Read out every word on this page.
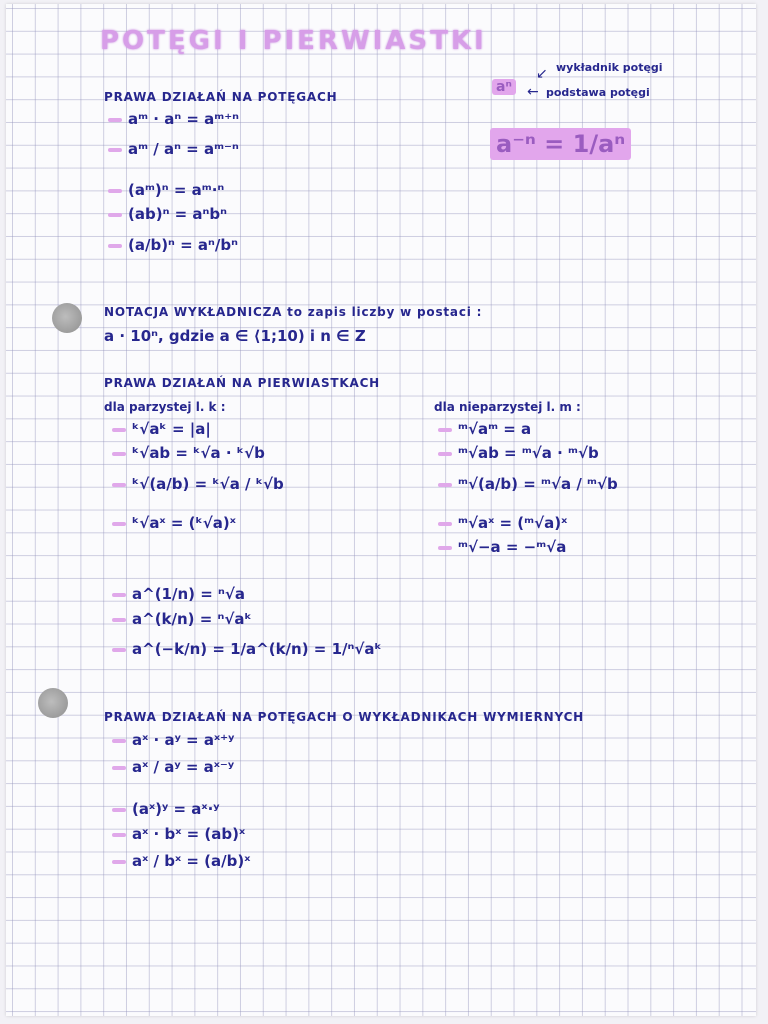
POTĘGI I PIERWIASTKI
aⁿ
↙
←
wykładnik potęgi
podstawa potęgi
a⁻ⁿ = 1/aⁿ
PRAWA DZIAŁAŃ NA POTĘGACH
aᵐ · aⁿ = aᵐ⁺ⁿ
aᵐ / aⁿ = aᵐ⁻ⁿ
(aᵐ)ⁿ = aᵐ·ⁿ
(ab)ⁿ = aⁿbⁿ
(a/b)ⁿ = aⁿ/bⁿ
NOTACJA WYKŁADNICZA to zapis liczby w postaci :
a · 10ⁿ, gdzie a ∈ ⟨1;10) i n ∈ Z
PRAWA DZIAŁAŃ NA PIERWIASTKACH
dla parzystej l. k :	dla nieparzystej l. m :
ᵏ√aᵏ = |a|
ᵏ√ab = ᵏ√a · ᵏ√b
ᵏ√(a/b) = ᵏ√a / ᵏ√b
ᵏ√aˣ = (ᵏ√a)ˣ
ᵐ√aᵐ = a
ᵐ√ab = ᵐ√a · ᵐ√b
ᵐ√(a/b) = ᵐ√a / ᵐ√b
ᵐ√aˣ = (ᵐ√a)ˣ
ᵐ√−a = −ᵐ√a
a^(1/n) = ⁿ√a
a^(k/n) = ⁿ√aᵏ
a^(−k/n) = 1/a^(k/n) = 1/ⁿ√aᵏ
PRAWA DZIAŁAŃ NA POTĘGACH O WYKŁADNIKACH WYMIERNYCH
aˣ · aʸ = aˣ⁺ʸ
aˣ / aʸ = aˣ⁻ʸ
(aˣ)ʸ = aˣ·ʸ
aˣ · bˣ = (ab)ˣ
aˣ / bˣ = (a/b)ˣ
